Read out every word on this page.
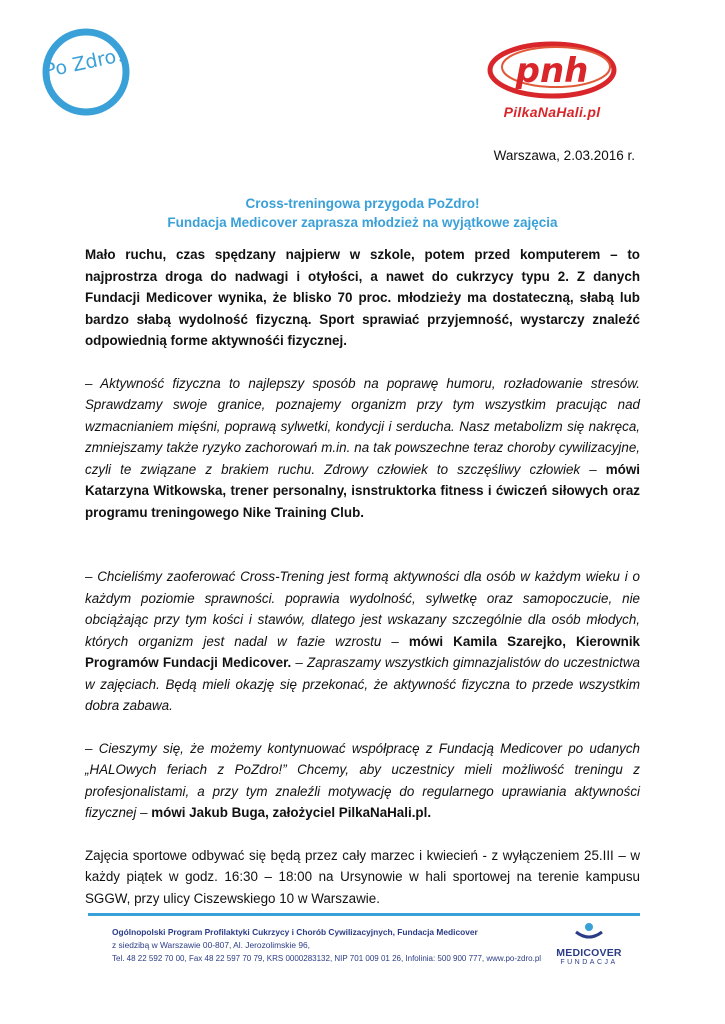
Po Zdro!	pnh
PilkaNaHali.pl
Warszawa, 2.03.2016 r.
Cross-treningowa przygoda PoZdro!
Fundacja Medicover zaprasza młodzież na wyjątkowe zajęcia

Mało ruchu, czas spędzany najpierw w szkole, potem przed komputerem – to najprostrza droga do nadwagi i otyłości, a nawet do cukrzycy typu 2. Z danych Fundacji Medicover wynika, że blisko 70 proc. młodzieży ma dostateczną, słabą lub bardzo słabą wydolność fizyczną. Sport sprawiać przyjemność, wystarczy znaleźć odpowiednią forme aktywnośći fizycznej.

– Aktywność fizyczna to najlepszy sposób na poprawę humoru, rozładowanie stresów. Sprawdzamy swoje granice, poznajemy organizm przy tym wszystkim pracując nad wzmacnianiem mięśni, poprawą sylwetki, kondycji i serducha. Nasz metabolizm się nakręca, zmniejszamy także ryzyko zachorowań m.in. na tak powszechne teraz choroby cywilizacyjne, czyli te związane z brakiem ruchu. Zdrowy człowiek to szczęśliwy człowiek – mówi Katarzyna Witkowska, trener personalny, isnstruktorka fitness i ćwiczeń siłowych oraz programu treningowego Nike Training Club.

– Chcieliśmy zaoferować Cross-Trening jest formą aktywności dla osób w każdym wieku i o każdym poziomie sprawności. poprawia wydolność, sylwetkę oraz samopoczucie, nie obciążając przy tym kości i stawów, dlatego jest wskazany szczególnie dla osób młodych, których organizm jest nadal w fazie wzrostu – mówi Kamila Szarejko, Kierownik Programów Fundacji Medicover. – Zapraszamy wszystkich gimnazjalistów do uczestnictwa w zajęciach. Będą mieli okazję się przekonać, że aktywność fizyczna to przede wszystkim dobra zabawa.

– Cieszymy się, że możemy kontynuować współpracę z Fundacją Medicover po udanych „HALOwych feriach z PoZdro!” Chcemy, aby uczestnicy mieli możliwość treningu z profesjonalistami, a przy tym znaleźli motywację do regularnego uprawiania aktywności fizycznej – mówi Jakub Buga, założyciel PilkaNaHali.pl.

Zajęcia sportowe odbywać się będą przez cały marzec i kwiecień - z wyłączeniem 25.III – w każdy piątek w godz. 16:30 – 18:00 na Ursynowie w hali sportowej na terenie kampusu SGGW, przy ulicy Ciszewskiego 10 w Warszawie.

Ogólnopolski Program Profilaktyki Cukrzycy i Chorób Cywilizacyjnych, Fundacja Medicover
z siedzibą w Warszawie 00-807, Al. Jerozolimskie 96,
Tel. 48 22 592 70 00, Fax 48 22 597 70 79, KRS 0000283132, NIP 701 009 01 26, Infolinia: 500 900 777, www.po-zdro.pl	MEDICOVER
FUNDACJA
